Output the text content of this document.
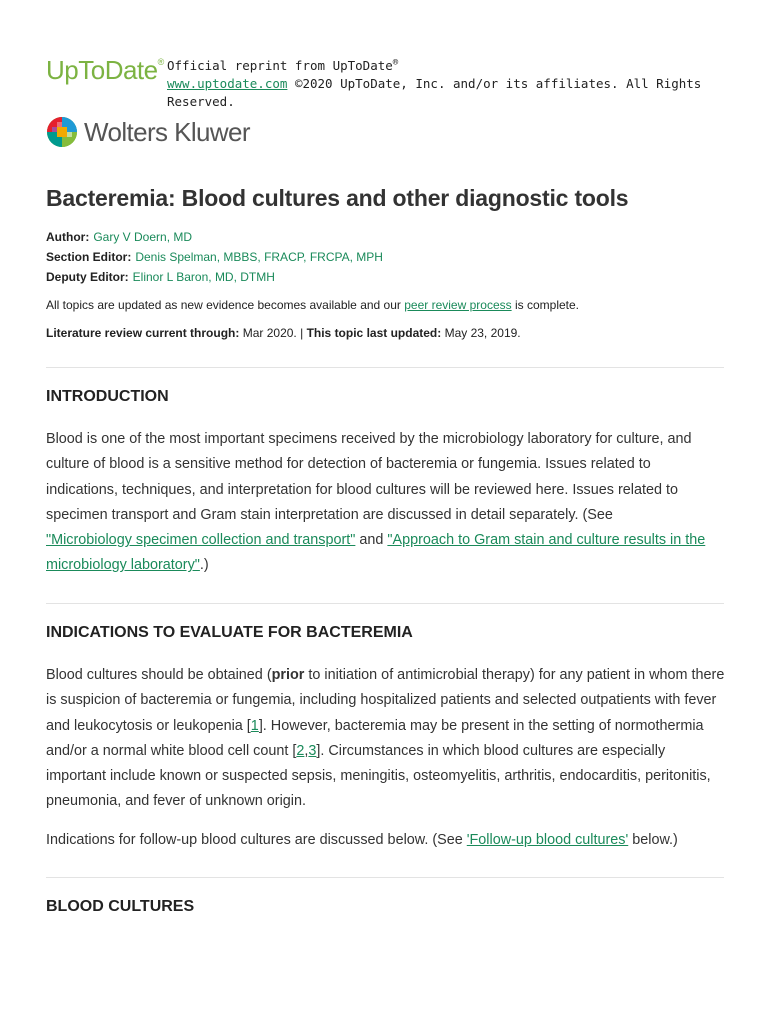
UpToDate® Official reprint from UpToDate®
www.uptodate.com ©2020 UpToDate, Inc. and/or its affiliates. All Rights Reserved.
Wolters Kluwer
Bacteremia: Blood cultures and other diagnostic tools
Author: Gary V Doern, MD
Section Editor: Denis Spelman, MBBS, FRACP, FRCPA, MPH
Deputy Editor: Elinor L Baron, MD, DTMH
All topics are updated as new evidence becomes available and our peer review process is complete.
Literature review current through: Mar 2020. | This topic last updated: May 23, 2019.
INTRODUCTION

Blood is one of the most important specimens received by the microbiology laboratory for culture, and culture of blood is a sensitive method for detection of bacteremia or fungemia. Issues related to indications, techniques, and interpretation for blood cultures will be reviewed here. Issues related to specimen transport and Gram stain interpretation are discussed in detail separately. (See
"Microbiology specimen collection and transport" and "Approach to Gram stain and culture results in the microbiology laboratory".)

INDICATIONS TO EVALUATE FOR BACTEREMIA

Blood cultures should be obtained (prior to initiation of antimicrobial therapy) for any patient in whom there is suspicion of bacteremia or fungemia, including hospitalized patients and selected outpatients with fever and leukocytosis or leukopenia [1]. However, bacteremia may be present in the setting of normothermia and/or a normal white blood cell count [2,3]. Circumstances in which blood cultures are especially important include known or suspected sepsis, meningitis, osteomyelitis, arthritis, endocarditis, peritonitis, pneumonia, and fever of unknown origin.

Indications for follow-up blood cultures are discussed below. (See 'Follow-up blood cultures' below.)

BLOOD CULTURES
